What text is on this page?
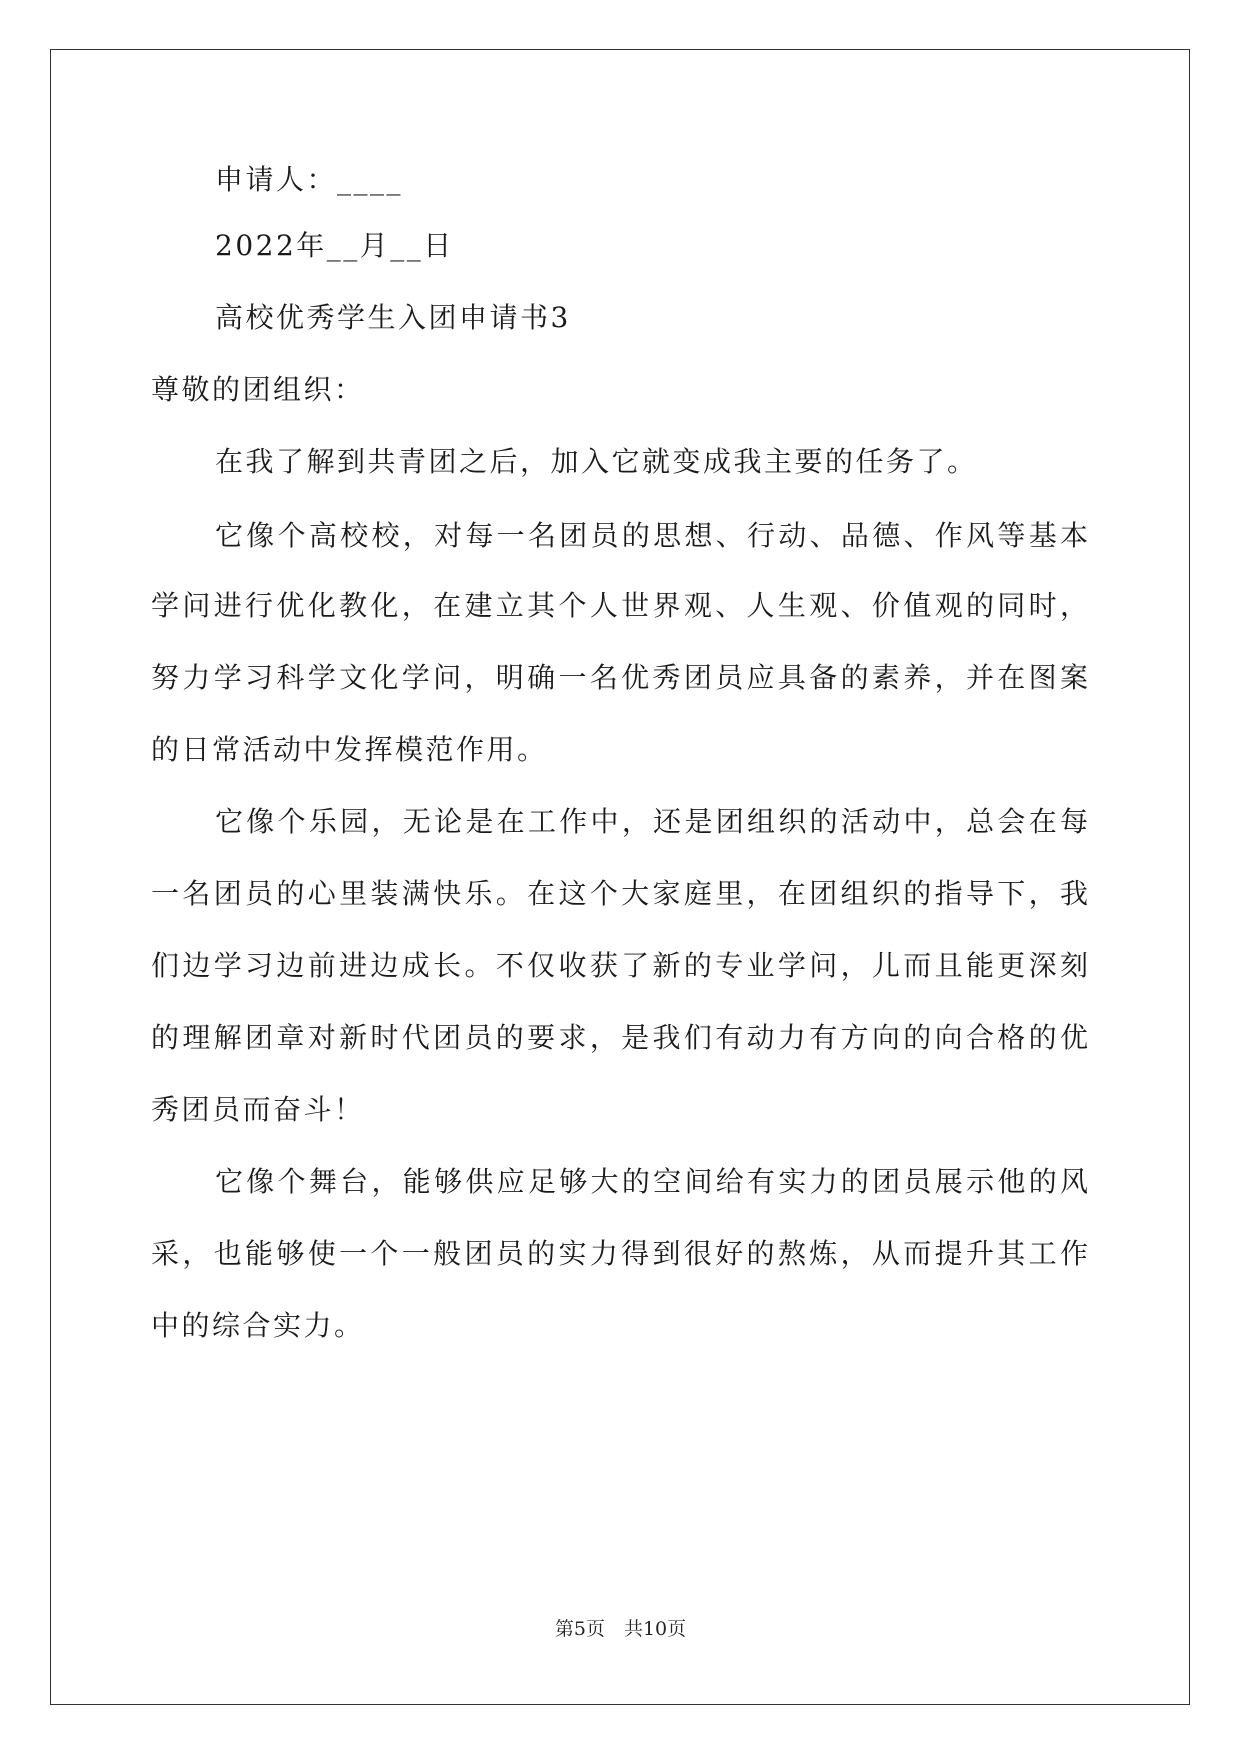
申请人：____
2022年__月__日
高校优秀学生入团申请书3
尊敬的团组织：
在我了解到共青团之后，加入它就变成我主要的任务了。
它像个高校校，对每一名团员的思想、行动、品德、作风等基本
学问进行优化教化，在建立其个人世界观、人生观、价值观的同时，
努力学习科学文化学问，明确一名优秀团员应具备的素养，并在图案
的日常活动中发挥模范作用。
它像个乐园，无论是在工作中，还是团组织的活动中，总会在每
一名团员的心里装满快乐。在这个大家庭里，在团组织的指导下，我
们边学习边前进边成长。不仅收获了新的专业学问，儿而且能更深刻
的理解团章对新时代团员的要求，是我们有动力有方向的向合格的优
秀团员而奋斗！
它像个舞台，能够供应足够大的空间给有实力的团员展示他的风
采，也能够使一个一般团员的实力得到很好的熬炼，从而提升其工作
中的综合实力。
第5页　共10页
